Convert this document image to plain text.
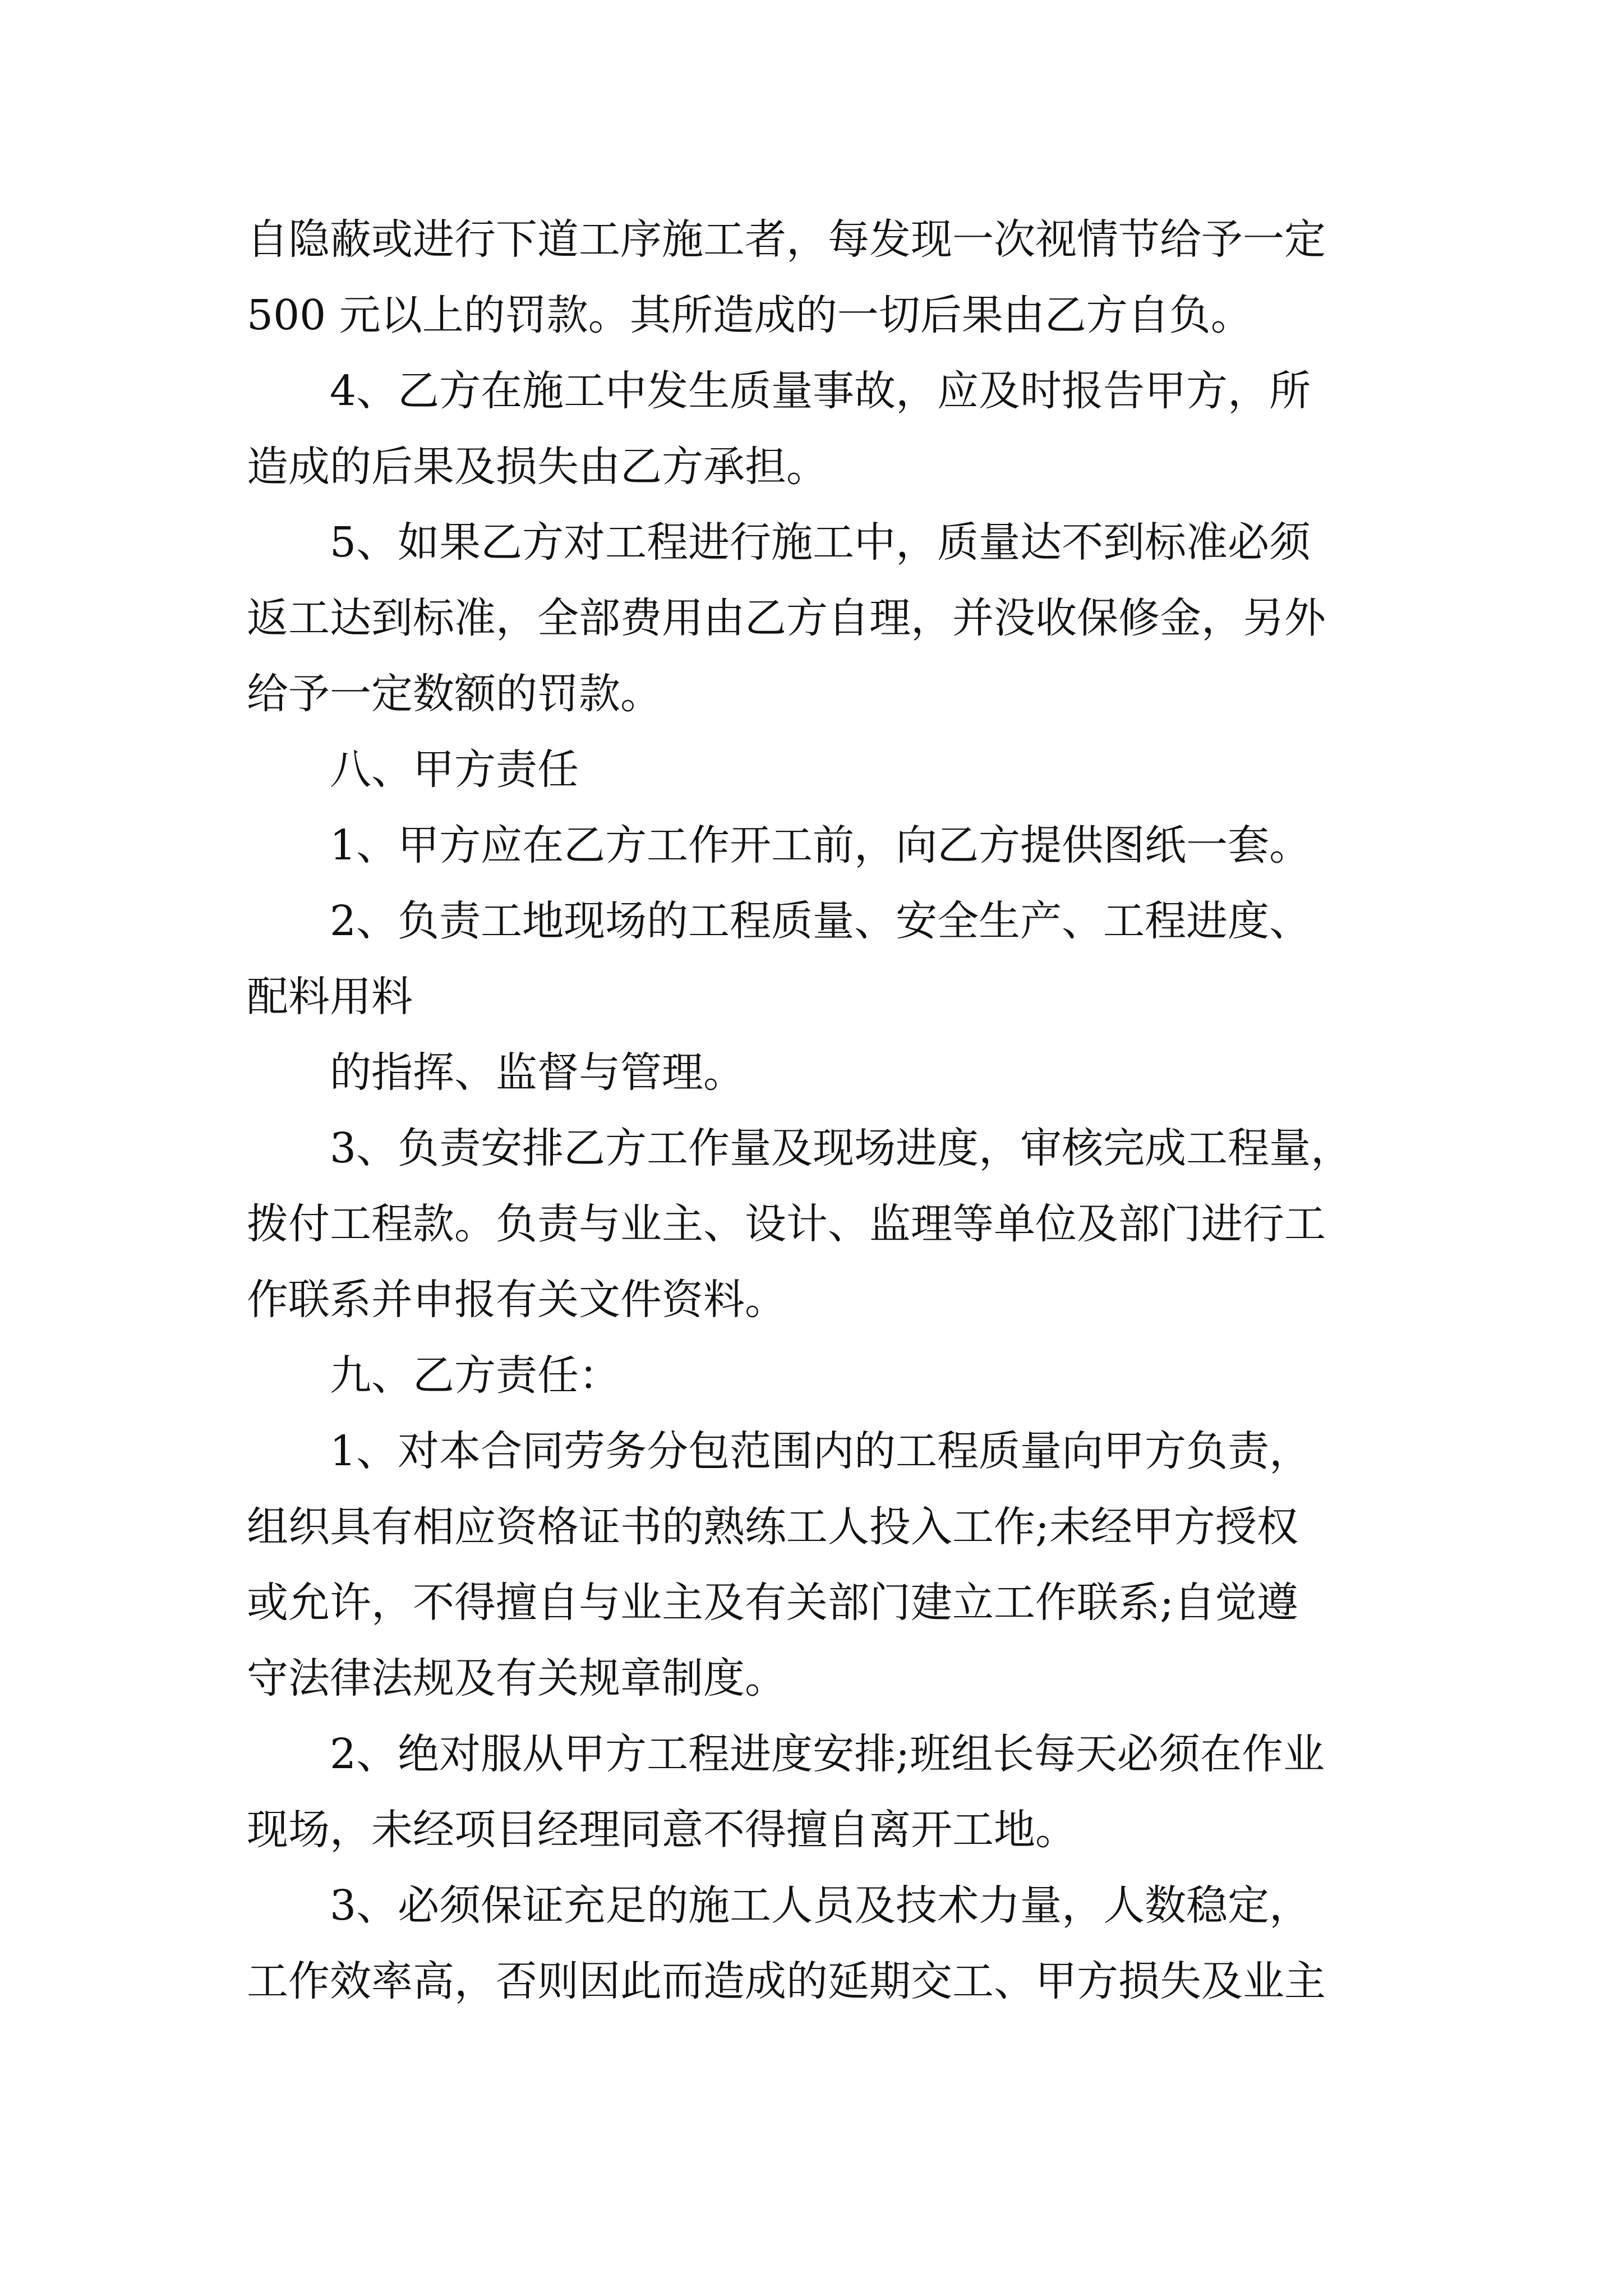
自隐蔽或进行下道工序施工者，每发现一次视情节给予一定
500 元以上的罚款。其所造成的一切后果由乙方自负。
4、乙方在施工中发生质量事故，应及时报告甲方，所
造成的后果及损失由乙方承担。
5、如果乙方对工程进行施工中，质量达不到标准必须
返工达到标准，全部费用由乙方自理，并没收保修金，另外
给予一定数额的罚款。
八、甲方责任
1、甲方应在乙方工作开工前，向乙方提供图纸一套。
2、负责工地现场的工程质量、安全生产、工程进度、
配料用料
的指挥、监督与管理。
3、负责安排乙方工作量及现场进度，审核完成工程量，
拨付工程款。负责与业主、设计、监理等单位及部门进行工
作联系并申报有关文件资料。
九、乙方责任：
1、对本合同劳务分包范围内的工程质量向甲方负责，
组织具有相应资格证书的熟练工人投入工作;未经甲方授权
或允许，不得擅自与业主及有关部门建立工作联系;自觉遵
守法律法规及有关规章制度。
2、绝对服从甲方工程进度安排;班组长每天必须在作业
现场，未经项目经理同意不得擅自离开工地。
3、必须保证充足的施工人员及技术力量，人数稳定，
工作效率高，否则因此而造成的延期交工、甲方损失及业主
